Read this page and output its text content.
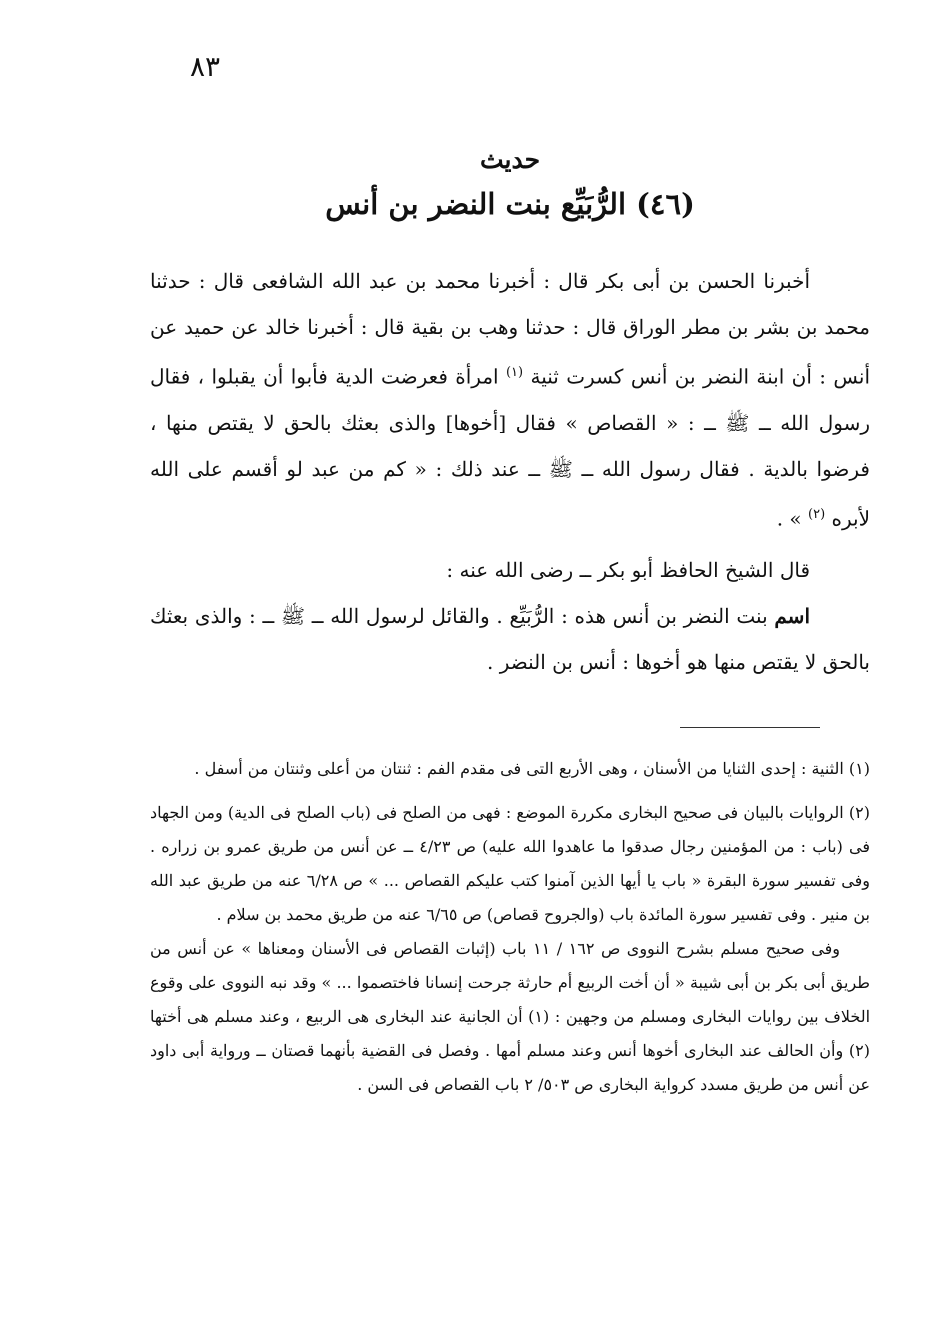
٨٣

حديث

(٤٦) الرُّبَيِّع بنت النضر بن أنس

أخبرنا الحسن بن أبى بكر قال : أخبرنا محمد بن عبد الله الشافعى قال : حدثنا محمد بن بشر بن مطر الوراق قال : حدثنا وهب بن بقية قال : أخبرنا خالد عن حميد عن أنس : أن ابنة النضر بن أنس كسرت ثنية $^{(١)}$ امرأة فعرضت الدية فأبوا أن يقبلوا ، فقال رسول الله ــ ﷺ ــ : « القصاص » فقال [أخوها] والذى بعثك بالحق لا يقتص منها ، فرضوا بالدية . فقال رسول الله ــ ﷺ ــ عند ذلك : « كم من عبد لو أقسم على الله لأبره $^{(٢)}$ » .

قال الشيخ الحافظ أبو بكر ــ رضى الله عنه :

اسم بنت النضر بن أنس هذه : الرُّبَيِّع . والقائل لرسول الله ــ ﷺ ــ : والذى بعثك بالحق لا يقتص منها هو أخوها : أنس بن النضر .

(١) الثنية : إحدى الثنايا من الأسنان ، وهى الأربع التى فى مقدم الفم : ثنتان من أعلى وثنتان من أسفل .

(٢) الروايات بالبيان فى صحيح البخارى مكررة الموضع : فهى من الصلح فى (باب الصلح فى الدية) ومن الجهاد فى (باب : من المؤمنين رجال صدقوا ما عاهدوا الله عليه) ص ٤/٢٣ ــ عن أنس من طريق عمرو بن زراره . وفى تفسير سورة البقرة « باب يا أيها الذين آمنوا كتب عليكم القصاص ... » ص ٦/٢٨ عنه من طريق عبد الله بن منير . وفى تفسير سورة المائدة باب (والجروح قصاص) ص ٦/٦٥ عنه من طريق محمد بن سلام .

وفى صحيح مسلم بشرح النووى ص ١٦٢ / ١١ باب (إثبات القصاص فى الأسنان ومعناها » عن أنس من طريق أبى بكر بن أبى شيبة « أن أخت الربيع أم حارثة جرحت إنسانا فاختصموا ... » وقد نبه النووى على وقوع الخلاف بين روايات البخارى ومسلم من وجهين : (١) أن الجانية عند البخارى هى الربيع ، وعند مسلم هى أختها (٢) وأن الحالف عند البخارى أخوها أنس وعند مسلم أمها . وفصل فى القضية بأنهما قصتان ــ ورواية أبى داود عن أنس من طريق مسدد كرواية البخارى ص ٥٠٣/ ٢ باب القصاص فى السن .
